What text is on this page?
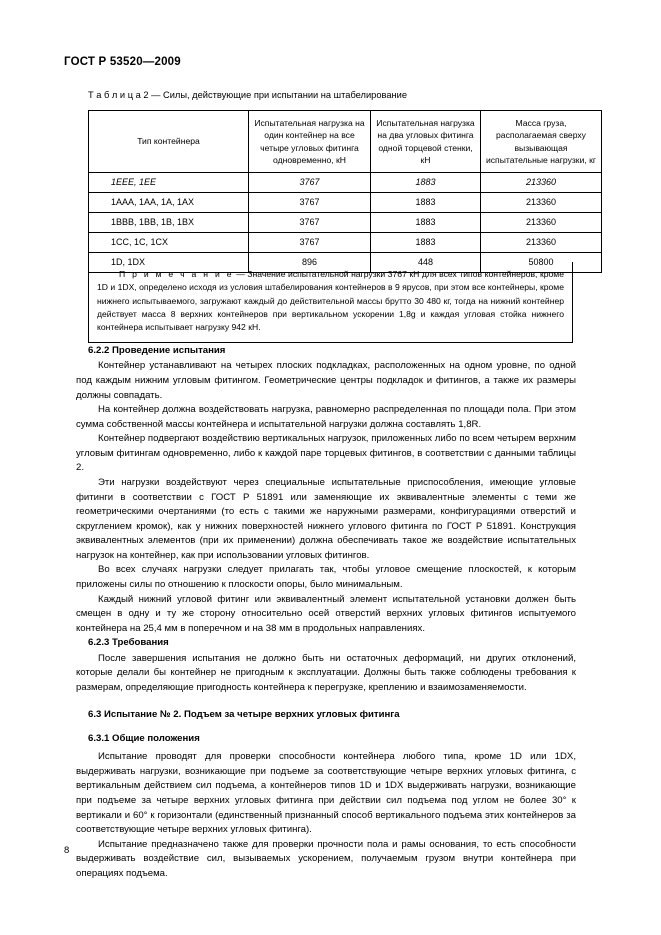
ГОСТ Р 53520—2009
Т а б л и ц а 2 — Силы, действующие при испытании на штабелирование
Тип контейнера	Испытательная нагрузка на один контейнер на все четыре угловых фитинга одновременно, кН	Испытательная нагрузка на два угловых фитинга одной торцевой стенки, кН	Масса груза, располагаемая сверху вызывающая испытательные нагрузки, кг
1EEE, 1EE	3767	1883	213360
1AAA, 1AA, 1A, 1AX	3767	1883	213360
1BBB, 1BB, 1B, 1BX	3767	1883	213360
1CC, 1C, 1CX	3767	1883	213360
1D, 1DX	896	448	50800
П р и м е ч а н и е — Значение испытательной нагрузки 3767 кН для всех типов контейнеров, кроме 1D и 1DX, определено исходя из условия штабелирования контейнеров в 9 ярусов, при этом все контейнеры, кроме нижнего испытываемого, загружают каждый до действительной массы брутто 30 480 кг, тогда на нижний контейнер действует масса 8 верхних контейнеров при вертикальном ускорении 1,8g и каждая угловая стойка нижнего контейнера испытывает нагрузку 942 кН.
6.2.2 Проведение испытания

Контейнер устанавливают на четырех плоских подкладках, расположенных на одном уровне, по одной под каждым нижним угловым фитингом. Геометрические центры подкладок и фитингов, а также их размеры должны совпадать.

На контейнер должна воздействовать нагрузка, равномерно распределенная по площади пола. При этом сумма собственной массы контейнера и испытательной нагрузки должна составлять 1,8R.

Контейнер подвергают воздействию вертикальных нагрузок, приложенных либо по всем четырем верхним угловым фитингам одновременно, либо к каждой паре торцевых фитингов, в соответствии с данными таблицы 2.

Эти нагрузки воздействуют через специальные испытательные приспособления, имеющие угловые фитинги в соответствии с ГОСТ Р 51891 или заменяющие их эквивалентные элементы с теми же геометрическими очертаниями (то есть с такими же наружными размерами, конфигурациями отверстий и скруглением кромок), как у нижних поверхностей нижнего углового фитинга по ГОСТ Р 51891. Конструкция эквивалентных элементов (при их применении) должна обеспечивать такое же воздействие испытательных нагрузок на контейнер, как при использовании угловых фитингов.

Во всех случаях нагрузки следует прилагать так, чтобы угловое смещение плоскостей, к которым приложены силы по отношению к плоскости опоры, было минимальным.

Каждый нижний угловой фитинг или эквивалентный элемент испытательной установки должен быть смещен в одну и ту же сторону относительно осей отверстий верхних угловых фитингов испытуемого контейнера на 25,4 мм в поперечном и на 38 мм в продольных направлениях.

6.2.3 Требования

После завершения испытания не должно быть ни остаточных деформаций, ни других отклонений, которые делали бы контейнер не пригодным к эксплуатации. Должны быть также соблюдены требования к размерам, определяющие пригодность контейнера к перегрузке, креплению и взаимозаменяемости.

6.3 Испытание № 2. Подъем за четыре верхних угловых фитинга
6.3.1 Общие положения

Испытание проводят для проверки способности контейнера любого типа, кроме 1D или 1DX, выдерживать нагрузки, возникающие при подъеме за соответствующие четыре верхних угловых фитинга, с вертикальным действием сил подъема, а контейнеров типов 1D и 1DX выдерживать нагрузки, возникающие при подъеме за четыре верхних угловых фитинга при действии сил подъема под углом не более 30° к вертикали и 60° к горизонтали (единственный признанный способ вертикального подъема этих контейнеров за соответствующие четыре верхних угловых фитинга).

Испытание предназначено также для проверки прочности пола и рамы основания, то есть способности выдерживать воздействие сил, вызываемых ускорением, получаемым грузом внутри контейнера при операциях подъема.

8
